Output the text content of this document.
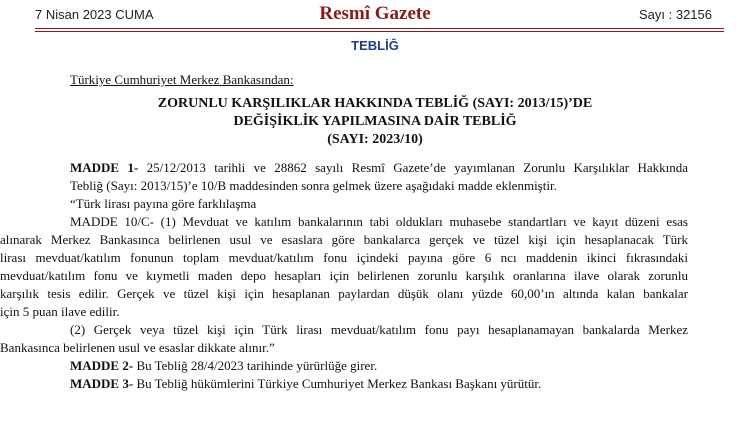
7 Nisan 2023 CUMA	Resmî Gazete	Sayı : 32156
TEBLİĞ
Türkiye Cumhuriyet Merkez Bankasından:
ZORUNLU KARŞILIKLAR HAKKINDA TEBLİĞ (SAYI: 2013/15)’DE
DEĞİŞİKLİK YAPILMASINA DAİR TEBLİĞ
(SAYI: 2023/10)
MADDE 1- 25/12/2013 tarihli ve 28862 sayılı Resmî Gazete’de yayımlanan Zorunlu Karşılıklar Hakkında
Tebliğ (Sayı: 2013/15)’e 10/B maddesinden sonra gelmek üzere aşağıdaki madde eklenmiştir.
“Türk lirası payına göre farklılaşma
MADDE 10/C- (1) Mevduat ve katılım bankalarının tabi oldukları muhasebe standartları ve kayıt düzeni esas
alınarak Merkez Bankasınca belirlenen usul ve esaslara göre bankalarca gerçek ve tüzel kişi için hesaplanacak Türk
lirası mevduat/katılım fonunun toplam mevduat/katılım fonu içindeki payına göre 6 ncı maddenin ikinci fıkrasındaki
mevduat/katılım fonu ve kıymetli maden depo hesapları için belirlenen zorunlu karşılık oranlarına ilave olarak zorunlu
karşılık tesis edilir. Gerçek ve tüzel kişi için hesaplanan paylardan düşük olanı yüzde 60,00’ın altında kalan bankalar
için 5 puan ilave edilir.
(2) Gerçek veya tüzel kişi için Türk lirası mevduat/katılım fonu payı hesaplanamayan bankalarda Merkez
Bankasınca belirlenen usul ve esaslar dikkate alınır.”
MADDE 2- Bu Tebliğ 28/4/2023 tarihinde yürürlüğe girer.
MADDE 3- Bu Tebliğ hükümlerini Türkiye Cumhuriyet Merkez Bankası Başkanı yürütür.
